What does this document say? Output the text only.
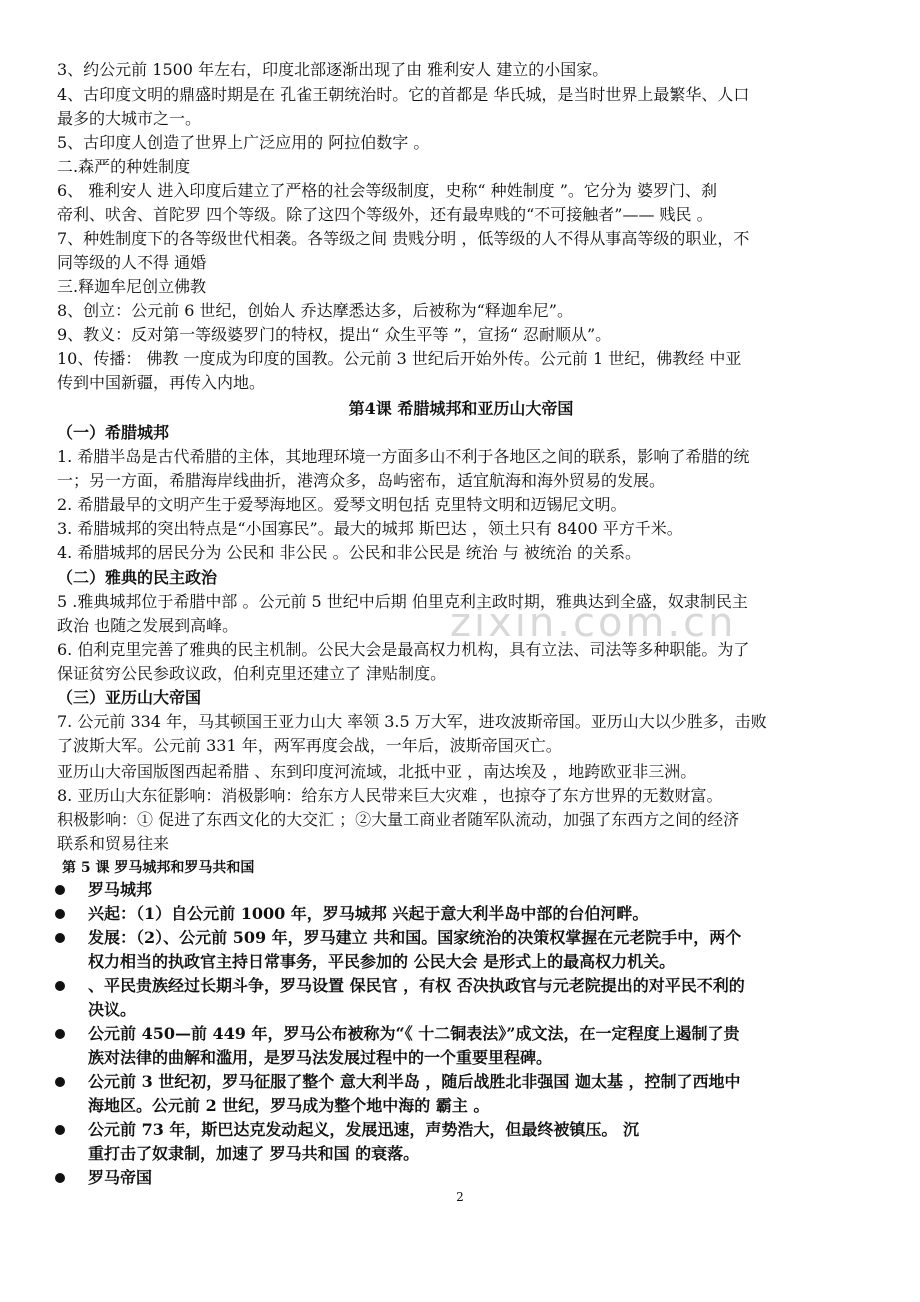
zixin.com.cn
3、约公元前 1500 年左右，印度北部逐渐出现了由 雅利安人 建立的小国家。
4、古印度文明的鼎盛时期是在 孔雀王朝统治时。它的首都是 华氏城，是当时世界上最繁华、人口
最多的大城市之一。
5、古印度人创造了世界上广泛应用的 阿拉伯数字 。
二.森严的种姓制度
6、 雅利安人 进入印度后建立了严格的社会等级制度，史称“ 种姓制度 ”。它分为 婆罗门、刹
帝利、吠舍、首陀罗 四个等级。除了这四个等级外，还有最卑贱的“不可接触者”—— 贱民 。
7、种姓制度下的各等级世代相袭。各等级之间 贵贱分明 ，低等级的人不得从事高等级的职业，不
同等级的人不得 通婚
三.释迦牟尼创立佛教
8、创立：公元前 6 世纪，创始人 乔达摩悉达多，后被称为“释迦牟尼”。
9、教义：反对第一等级婆罗门的特权，提出“ 众生平等 ”，宣扬“ 忍耐顺从”。
10、传播： 佛教 一度成为印度的国教。公元前 3 世纪后开始外传。公元前 1 世纪，佛教经 中亚
传到中国新疆，再传入内地。
第4课 希腊城邦和亚历山大帝国
（一）希腊城邦
1. 希腊半岛是古代希腊的主体，其地理环境一方面多山不利于各地区之间的联系，影响了希腊的统
一；另一方面，希腊海岸线曲折，港湾众多，岛屿密布，适宜航海和海外贸易的发展。
2. 希腊最早的文明产生于爱琴海地区。爱琴文明包括 克里特文明和迈锡尼文明。
3. 希腊城邦的突出特点是“小国寡民”。最大的城邦 斯巴达 ，领土只有 8400 平方千米。
4. 希腊城邦的居民分为 公民和 非公民 。公民和非公民是 统治 与 被统治 的关系。
（二）雅典的民主政治
5 .雅典城邦位于希腊中部 。公元前 5 世纪中后期 伯里克利主政时期，雅典达到全盛，奴隶制民主
政治 也随之发展到高峰。
6. 伯利克里完善了雅典的民主机制。公民大会是最高权力机构，具有立法、司法等多种职能。为了
保证贫穷公民参政议政，伯利克里还建立了 津贴制度。
（三）亚历山大帝国
7. 公元前 334 年，马其顿国王亚力山大 率领 3.5 万大军，进攻波斯帝国。亚历山大以少胜多，击败
了波斯大军。公元前 331 年，两军再度会战，一年后，波斯帝国灭亡。
亚历山大帝国版图西起希腊 、东到印度河流域，北抵中亚 ，南达埃及 ，地跨欧亚非三洲。
8. 亚历山大东征影响：消极影响：给东方人民带来巨大灾难 ，也掠夺了东方世界的无数财富。
积极影响：① 促进了东西文化的大交汇 ；②大量工商业者随军队流动，加强了东西方之间的经济
联系和贸易往来
第 5 课 罗马城邦和罗马共和国
罗马城邦
兴起：（1）自公元前 1000 年，罗马城邦 兴起于意大利半岛中部的台伯河畔。
发展：（2）、公元前 509 年，罗马建立 共和国。国家统治的决策权掌握在元老院手中，两个
权力相当的执政官主持日常事务，平民参加的 公民大会 是形式上的最高权力机关。
、平民贵族经过长期斗争，罗马设置 保民官 ，有权 否决执政官与元老院提出的对平民不利的
决议。
公元前 450—前 449 年，罗马公布被称为“《 十二铜表法》”成文法，在一定程度上遏制了贵
族对法律的曲解和滥用，是罗马法发展过程中的一个重要里程碑。
公元前 3 世纪初，罗马征服了整个 意大利半岛 ，随后战胜北非强国 迦太基 ，控制了西地中
海地区。公元前 2 世纪，罗马成为整个地中海的 霸主 。
公元前 73 年，斯巴达克发动起义，发展迅速，声势浩大，但最终被镇压。 沉
重打击了奴隶制，加速了 罗马共和国 的衰落。
罗马帝国
2
